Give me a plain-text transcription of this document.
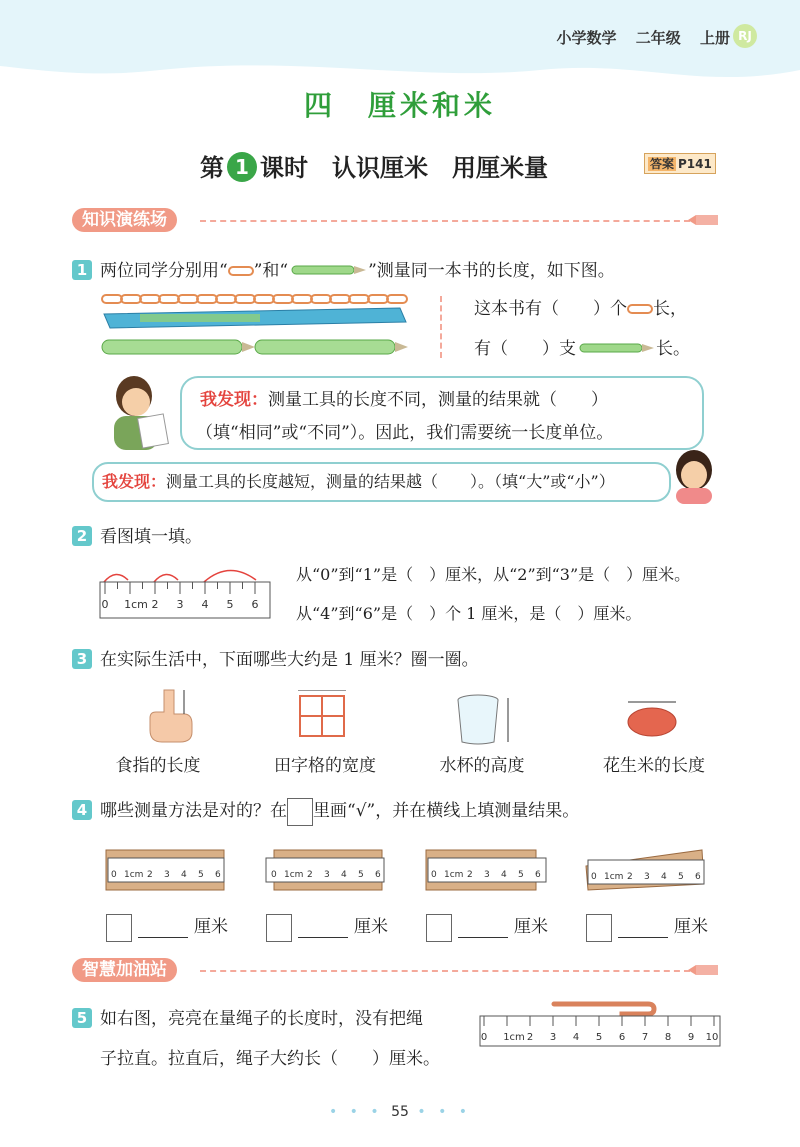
小学数学 二年级 上册 RJ
四　厘米和米
第 1 课时　认识厘米　用厘米量	答案 P141
知识演练场
1 两位同学分别用“ ”和“	”测量同一本书的长度，如下图。
这本书有（　　）个 长，
有（　　）支	长。
我发现：测量工具的长度不同，测量的结果就（　　）
（填“相同”或“不同”）。因此，我们需要统一长度单位。
我发现：测量工具的长度越短，测量的结果越（　　）。（填“大”或“小”）
2 看图填一填。
0 1cm 2 3 4 5 6
从“0”到“1”是（　）厘米，从“2”到“3”是（　）厘米。
从“4”到“6”是（　）个 1 厘米，是（　）厘米。
3 在实际生活中，下面哪些大约是 1 厘米？圈一圈。
食指的长度	田字格的宽度	水杯的高度	花生米的长度
4 哪些测量方法是对的？在 里画“√”，并在横线上填测量结果。
0 1cm 2 3 4 5 6	0 1cm 2 3 4 5 6	0 1cm 2 3 4 5 6	0 1cm 2 3 4 5 6
厘米	厘米	厘米	厘米
智慧加油站
5 如右图，亮亮在量绳子的长度时，没有把绳
子拉直。拉直后，绳子大约长（　　）厘米。
0 1cm 2 3 4 5 6 7 8 9 10
• • • 55 • • •
